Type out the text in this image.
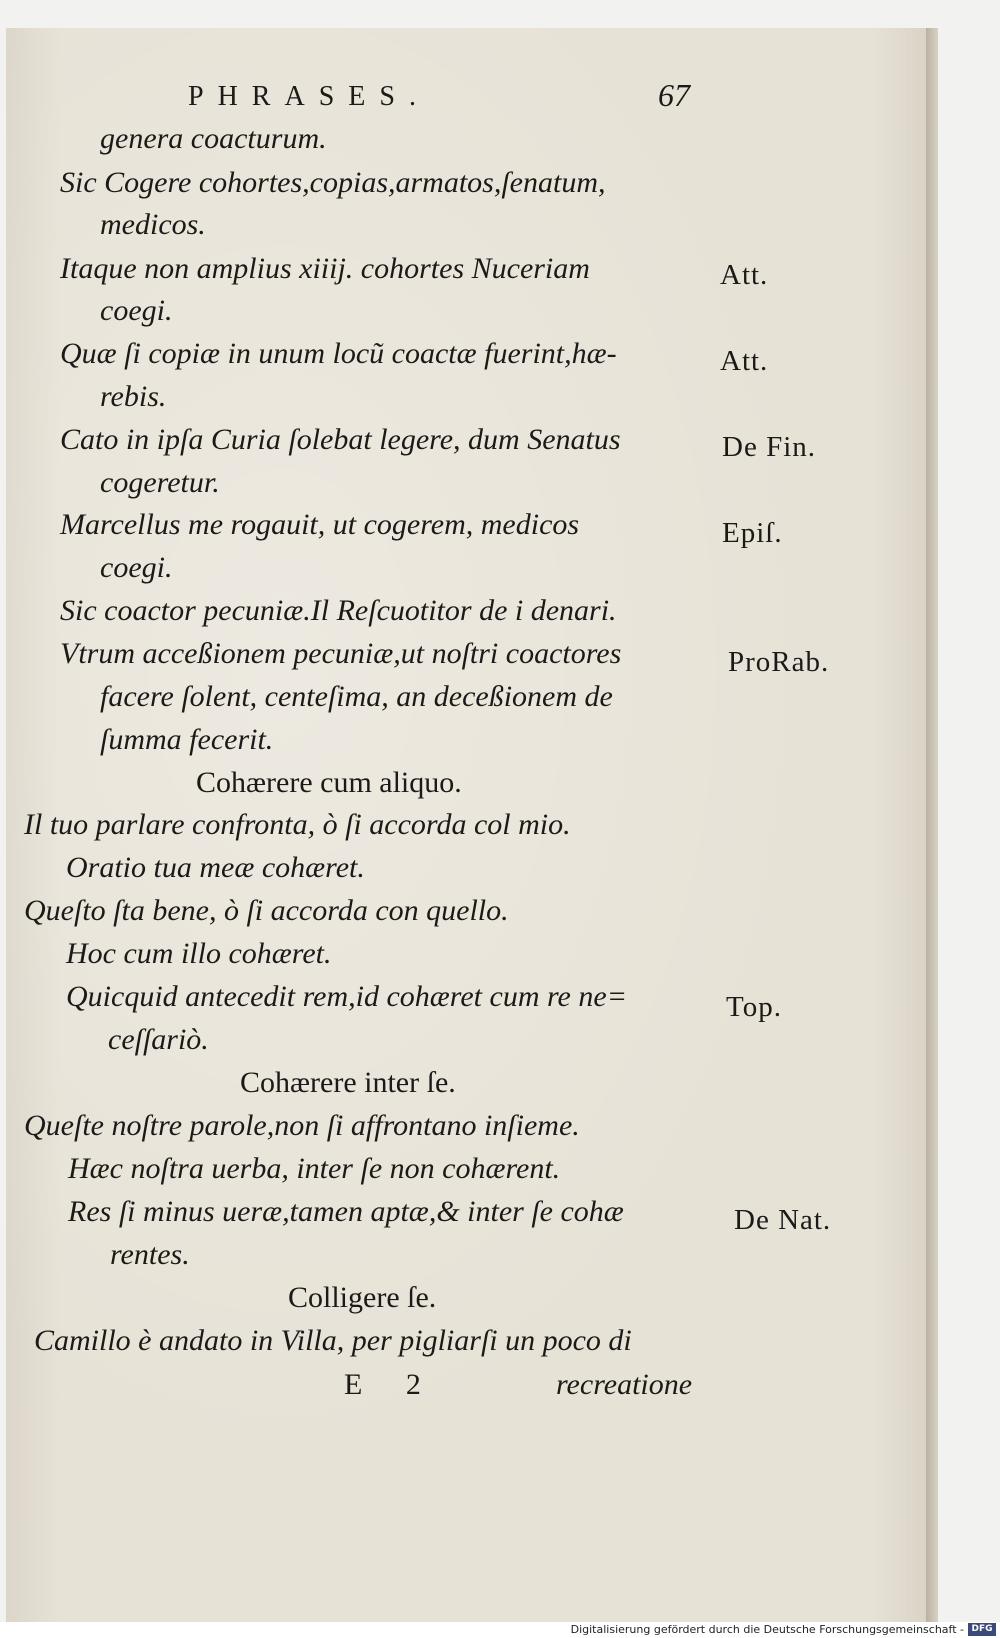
PHRASES.	67
genera coacturum.
Sic Cogere cohortes,copias,armatos,ſenatum,
medicos.
Itaque non amplius xiiij. cohortes Nuceriam
coegi.
Quæ ſi copiæ in unum locũ coactæ fuerint,hæ-
rebis.
Cato in ipſa Curia ſolebat legere, dum Senatus
cogeretur.
Marcellus me rogauit, ut cogerem, medicos
coegi.
Sic coactor pecuniæ.Il Reſcuotitor de i denari.
Vtrum acceßionem pecuniæ,ut noſtri coactores
facere ſolent, centeſima, an deceßionem de
ſumma fecerit.
Cohærere cum aliquo.
Il tuo parlare confronta, ò ſi accorda col mio.
Oratio tua meæ cohæret.
Queſto ſta bene, ò ſi accorda con quello.
Hoc cum illo cohæret.
Quicquid antecedit rem,id cohæret cum re ne=
ceſſariò.
Cohærere inter ſe.
Queſte noſtre parole,non ſi affrontano inſieme.
Hæc noſtra uerba, inter ſe non cohærent.
Res ſi minus ueræ,tamen aptæ,& inter ſe cohæ
rentes.
Colligere ſe.
Camillo è andato in Villa, per pigliarſi un poco di
Att.
Att.
De Fin.
Epiſ.
ProRab.
Top.
De Nat.
E 2	recreatione
Digitalisierung gefördert durch die Deutsche Forschungsgemeinschaft - DFG
